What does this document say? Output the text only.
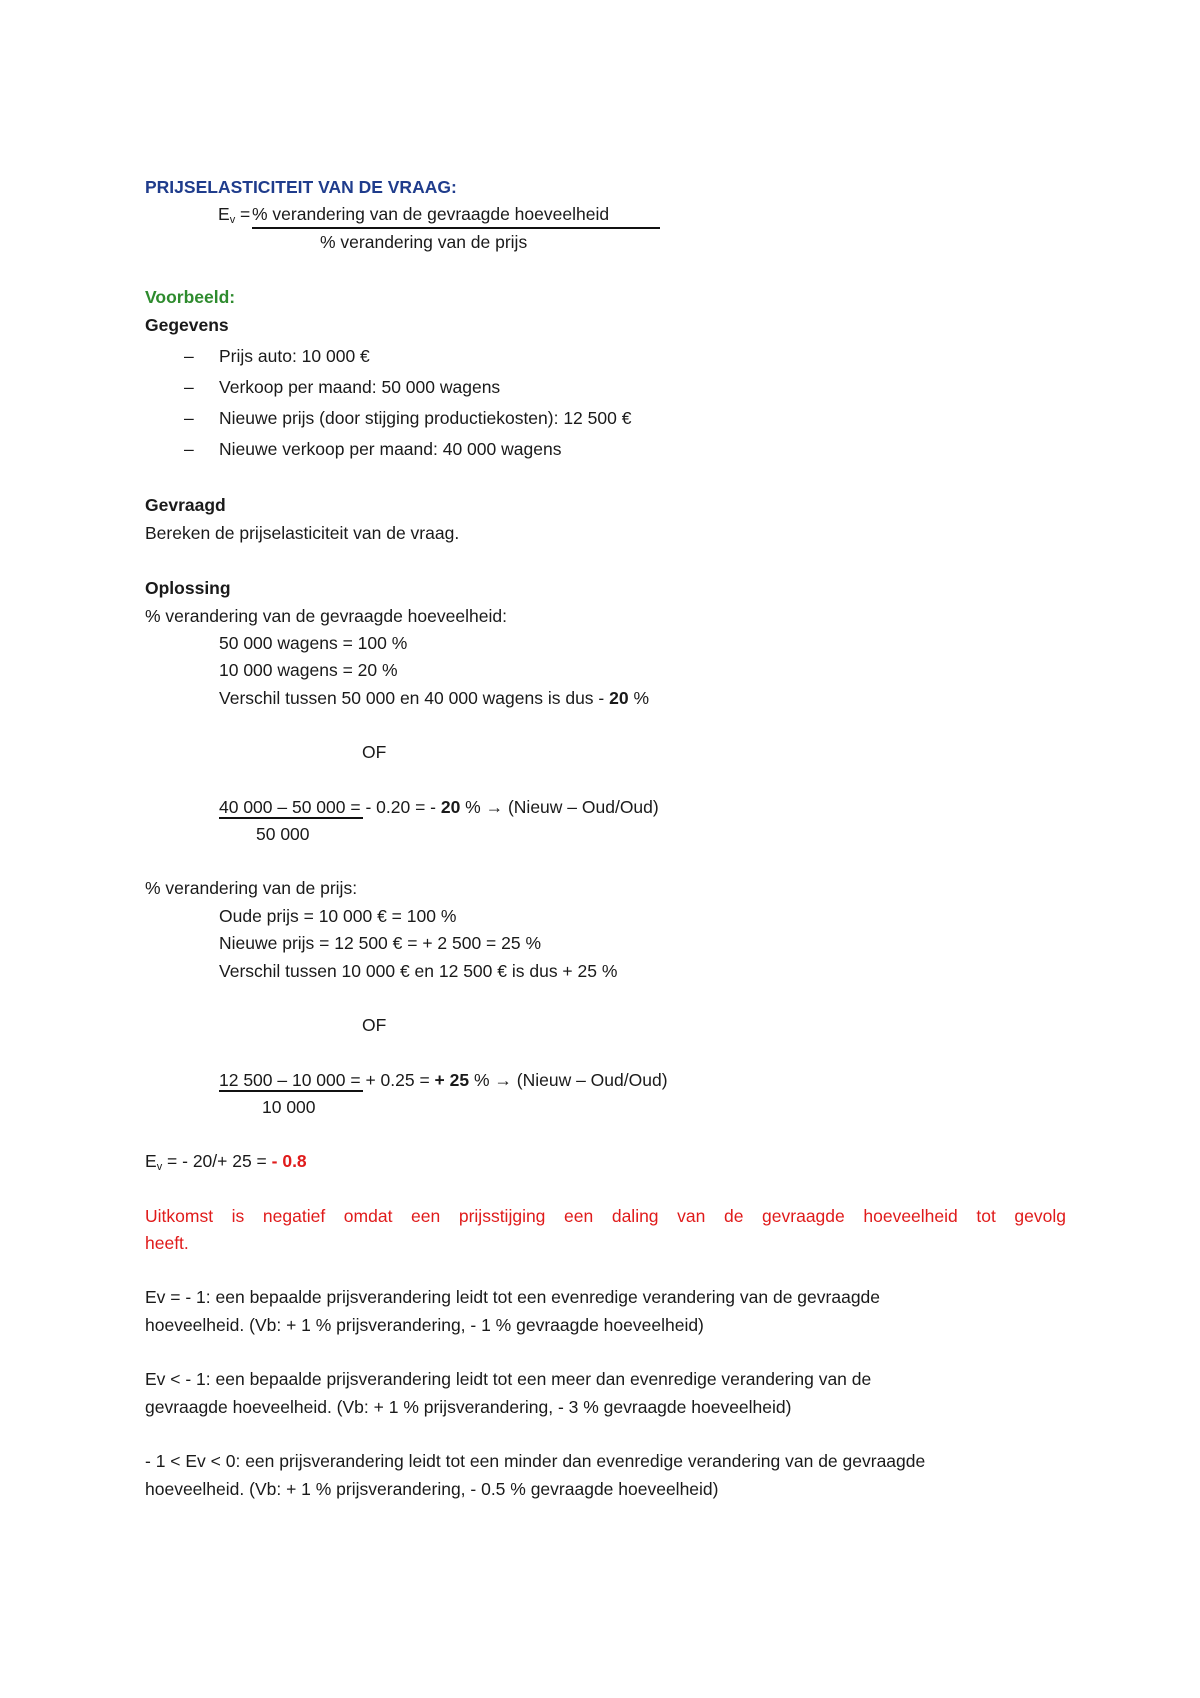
PRIJSELASTICITEIT VAN DE VRAAG:
$E_v$ =
% verandering van de gevraagde hoeveelheid
% verandering van de prijs
Voorbeeld:
Gegevens
– Prijs auto: 10 000 €
– Verkoop per maand: 50 000 wagens
– Nieuwe prijs (door stijging productiekosten): 12 500 €
– Nieuwe verkoop per maand: 40 000 wagens
Gevraagd
Bereken de prijselasticiteit van de vraag.
Oplossing
% verandering van de gevraagde hoeveelheid:
50 000 wagens = 100 %
10 000 wagens = 20 %
Verschil tussen 50 000 en 40 000 wagens is dus - 20 %
OF
40 000 – 50 000 = - 0.20 = - 20 % → (Nieuw – Oud/Oud)
50 000
% verandering van de prijs:
Oude prijs = 10 000 € = 100 %
Nieuwe prijs = 12 500 € = + 2 500 = 25 %
Verschil tussen 10 000 € en 12 500 € is dus + 25 %
OF
12 500 – 10 000 = + 0.25 = + 25 % → (Nieuw – Oud/Oud)
10 000
$E_v$ = - 20/+ 25 = - 0.8
Uitkomst is negatief omdat een prijsstijging een daling van de gevraagde hoeveelheid tot gevolg
heeft.
Ev = - 1: een bepaalde prijsverandering leidt tot een evenredige verandering van de gevraagde
hoeveelheid. (Vb: + 1 % prijsverandering, - 1 % gevraagde hoeveelheid)
Ev < - 1: een bepaalde prijsverandering leidt tot een meer dan evenredige verandering van de
gevraagde hoeveelheid. (Vb: + 1 % prijsverandering, - 3 % gevraagde hoeveelheid)
- 1 < Ev < 0: een prijsverandering leidt tot een minder dan evenredige verandering van de gevraagde
hoeveelheid. (Vb: + 1 % prijsverandering, - 0.5 % gevraagde hoeveelheid)
